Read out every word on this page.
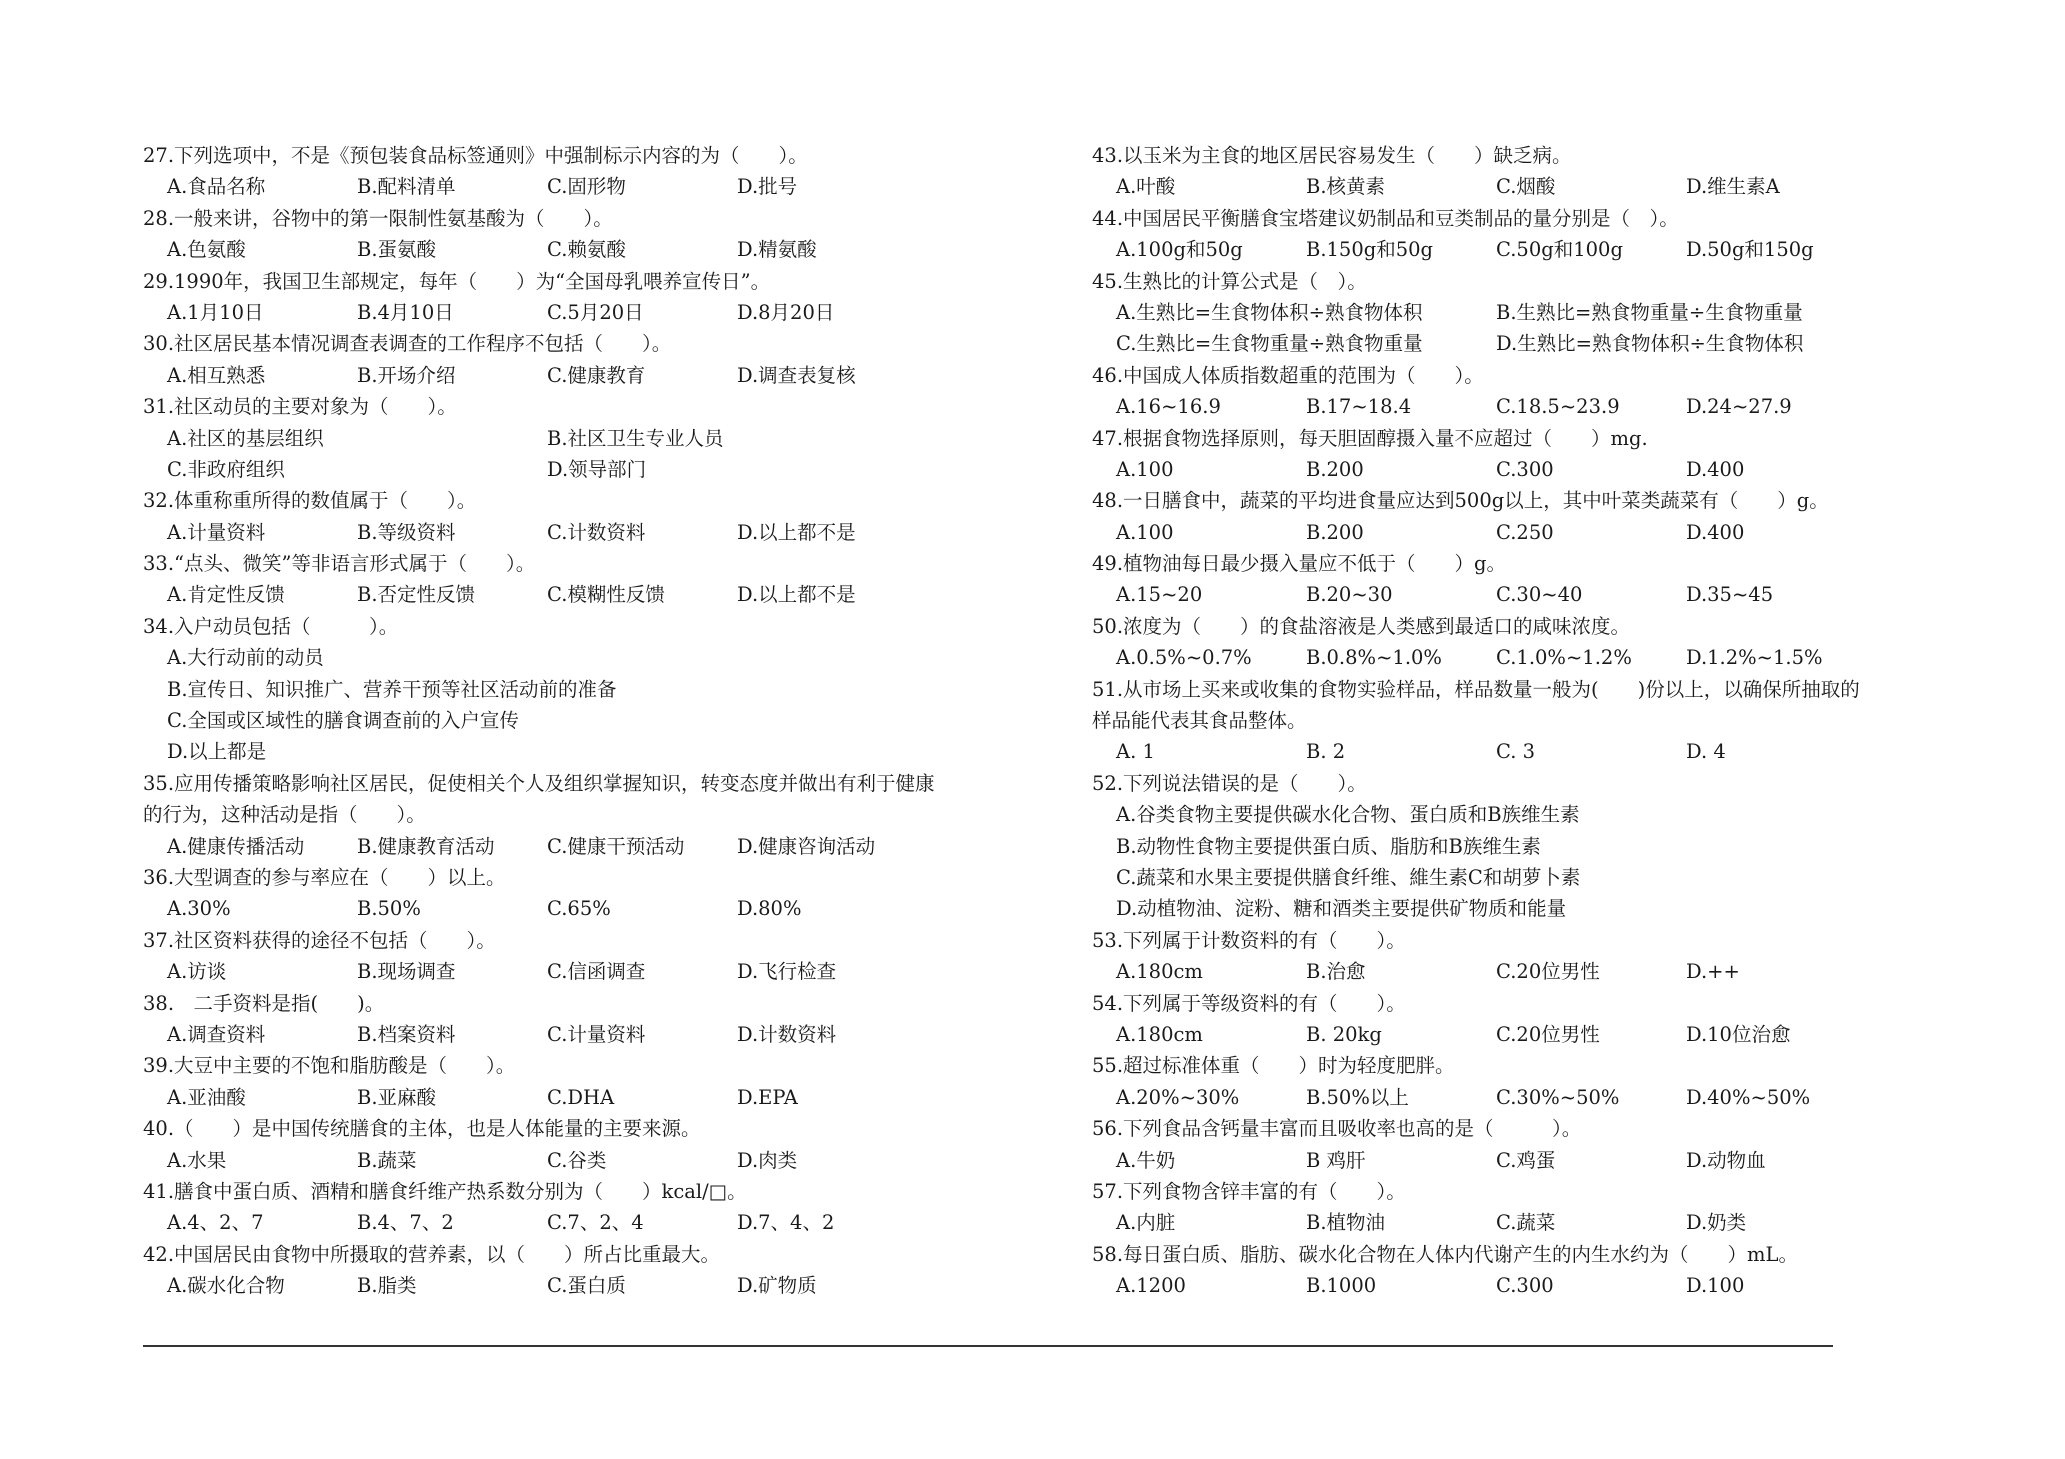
27.下列选项中，不是《预包装食品标签通则》中强制标示内容的为（　　）。
A.食品名称	B.配料清单	C.固形物	D.批号
28.一般来讲，谷物中的第一限制性氨基酸为（　　）。
A.色氨酸	B.蛋氨酸	C.赖氨酸	D.精氨酸
29.1990年，我国卫生部规定，每年（　　）为“全国母乳喂养宣传日”。
A.1月10日	B.4月10日	C.5月20日	D.8月20日
30.社区居民基本情况调查表调查的工作程序不包括（　　）。
A.相互熟悉	B.开场介绍	C.健康教育	D.调查表复核
31.社区动员的主要对象为（　　）。
A.社区的基层组织	B.社区卫生专业人员
C.非政府组织	D.领导部门
32.体重称重所得的数值属于（　　）。
A.计量资料	B.等级资料	C.计数资料	D.以上都不是
33.“点头、微笑”等非语言形式属于（　　）。
A.肯定性反馈	B.否定性反馈	C.模糊性反馈	D.以上都不是
34.入户动员包括（　　　）。
A.大行动前的动员
B.宣传日、知识推广、营养干预等社区活动前的准备
C.全国或区域性的膳食调查前的入户宣传
D.以上都是
35.应用传播策略影响社区居民，促使相关个人及组织掌握知识，转变态度并做出有利于健康
的行为，这种活动是指（　　）。
A.健康传播活动	B.健康教育活动	C.健康干预活动	D.健康咨询活动
36.大型调查的参与率应在（　　）以上。
A.30%	B.50%	C.65%	D.80%
37.社区资料获得的途径不包括（　　）。
A.访谈	B.现场调查	C.信函调查	D.飞行检查
38.　二手资料是指(　　)。
A.调查资料	B.档案资料	C.计量资料	D.计数资料
39.大豆中主要的不饱和脂肪酸是（　　）。
A.亚油酸	B.亚麻酸	C.DHA	D.EPA
40.（　　）是中国传统膳食的主体，也是人体能量的主要来源。
A.水果	B.蔬菜	C.谷类	D.肉类
41.膳食中蛋白质、酒精和膳食纤维产热系数分别为（　　）kcal/□。
A.4、2、7	B.4、7、2	C.7、2、4	D.7、4、2
42.中国居民由食物中所摄取的营养素，以（　　）所占比重最大。
A.碳水化合物	B.脂类	C.蛋白质	D.矿物质
43.以玉米为主食的地区居民容易发生（　　）缺乏病。
A.叶酸	B.核黄素	C.烟酸	D.维生素A
44.中国居民平衡膳食宝塔建议奶制品和豆类制品的量分别是（　）。
A.100g和50g	B.150g和50g	C.50g和100g	D.50g和150g
45.生熟比的计算公式是（　）。
A.生熟比=生食物体积÷熟食物体积	B.生熟比=熟食物重量÷生食物重量
C.生熟比=生食物重量÷熟食物重量	D.生熟比=熟食物体积÷生食物体积
46.中国成人体质指数超重的范围为（　　）。
A.16~16.9	B.17~18.4	C.18.5~23.9	D.24~27.9
47.根据食物选择原则，每天胆固醇摄入量不应超过（　　）mg.
A.100	B.200	C.300	D.400
48.一日膳食中，蔬菜的平均进食量应达到500g以上，其中叶菜类蔬菜有（　　）g。
A.100	B.200	C.250	D.400
49.植物油每日最少摄入量应不低于（　　）g。
A.15~20	B.20~30	C.30~40	D.35~45
50.浓度为（　　）的食盐溶液是人类感到最适口的咸味浓度。
A.0.5%~0.7%	B.0.8%~1.0%	C.1.0%~1.2%	D.1.2%~1.5%
51.从市场上买来或收集的食物实验样品，样品数量一般为(　　)份以上，以确保所抽取的
样品能代表其食品整体。
A. 1	B. 2	C. 3	D. 4
52.下列说法错误的是（　　）。
A.谷类食物主要提供碳水化合物、蛋白质和B族维生素
B.动物性食物主要提供蛋白质、脂肪和B族维生素
C.蔬菜和水果主要提供膳食纤维、維生素C和胡萝卜素
D.动植物油、淀粉、糖和酒类主要提供矿物质和能量
53.下列属于计数资料的有（　　）。
A.180cm	B.治愈	C.20位男性	D.++
54.下列属于等级资料的有（　　）。
A.180cm	B. 20kg	C.20位男性	D.10位治愈
55.超过标准体重（　　）时为轻度肥胖。
A.20%~30%	B.50%以上	C.30%~50%	D.40%~50%
56.下列食品含钙量丰富而且吸收率也高的是（　　　）。
A.牛奶	B 鸡肝	C.鸡蛋	D.动物血
57.下列食物含锌丰富的有（　　）。
A.内脏	B.植物油	C.蔬菜	D.奶类
58.每日蛋白质、脂肪、碳水化合物在人体内代谢产生的内生水约为（　　）mL。
A.1200	B.1000	C.300	D.100
